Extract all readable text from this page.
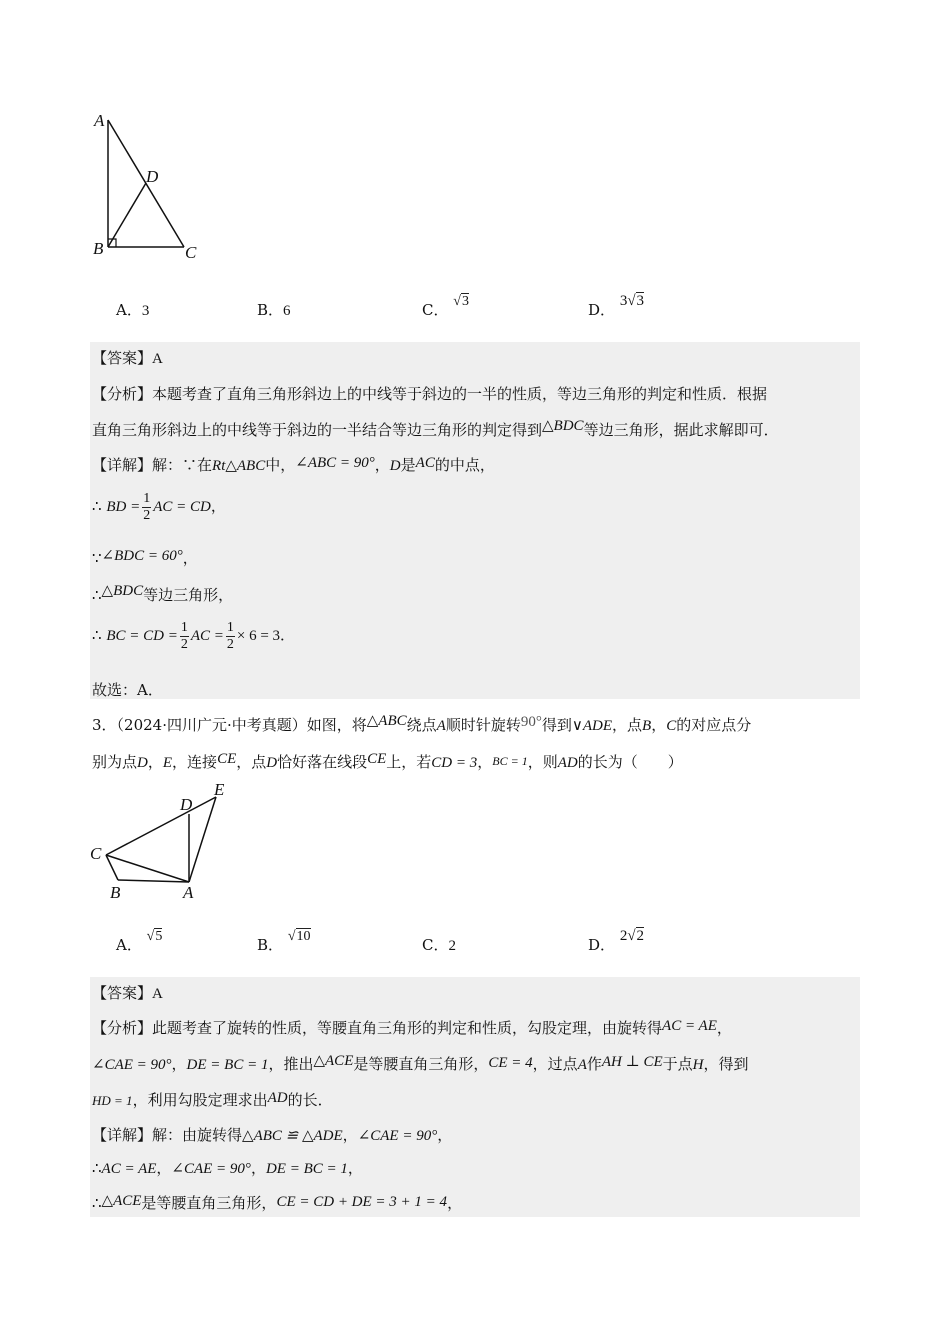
A
D
B	C
A．3	B．6	C． √3	D． 3√3
【答案】A
【分析】本题考查了直角三角形斜边上的中线等于斜边的一半的性质，等边三角形的判定和性质．根据
直角三角形斜边上的中线等于斜边的一半结合等边三角形的判定得到△BDC等边三角形，据此求解即可．
【详解】解：∵在Rt△ABC中，∠ABC = 90°，D是AC的中点，
∴ BD = $\frac{1}{2}$ AC = CD，
∵∠BDC = 60°，
∴△BDC等边三角形，
∴ BC = CD = $\frac{1}{2}$ AC = $\frac{1}{2} \times 6 = 3$．
故选：A．
3．（2024·四川广元·中考真题）如图，将△ABC绕点A顺时针旋转90°得到∨ADE，点B，C的对应点分
别为点D，E，连接CE，点D恰好落在线段CE上，若CD = 3，BC = 1，则AD的长为（　　）
E
D
C
B	A
A． √5	B． √10	C．2	D． 2√2
【答案】A
【分析】此题考查了旋转的性质，等腰直角三角形的判定和性质，勾股定理，由旋转得AC = AE，
∠CAE = 90°，DE = BC = 1，推出△ACE是等腰直角三角形，CE = 4，过点A作AH ⊥ CE于点H，得到
HD = 1，利用勾股定理求出AD的长．
【详解】解：由旋转得△ABC ≌ △ADE，∠CAE = 90°，
∴AC = AE，∠CAE = 90°，DE = BC = 1，
∴△ACE是等腰直角三角形，CE = CD + DE = 3 + 1 = 4，
